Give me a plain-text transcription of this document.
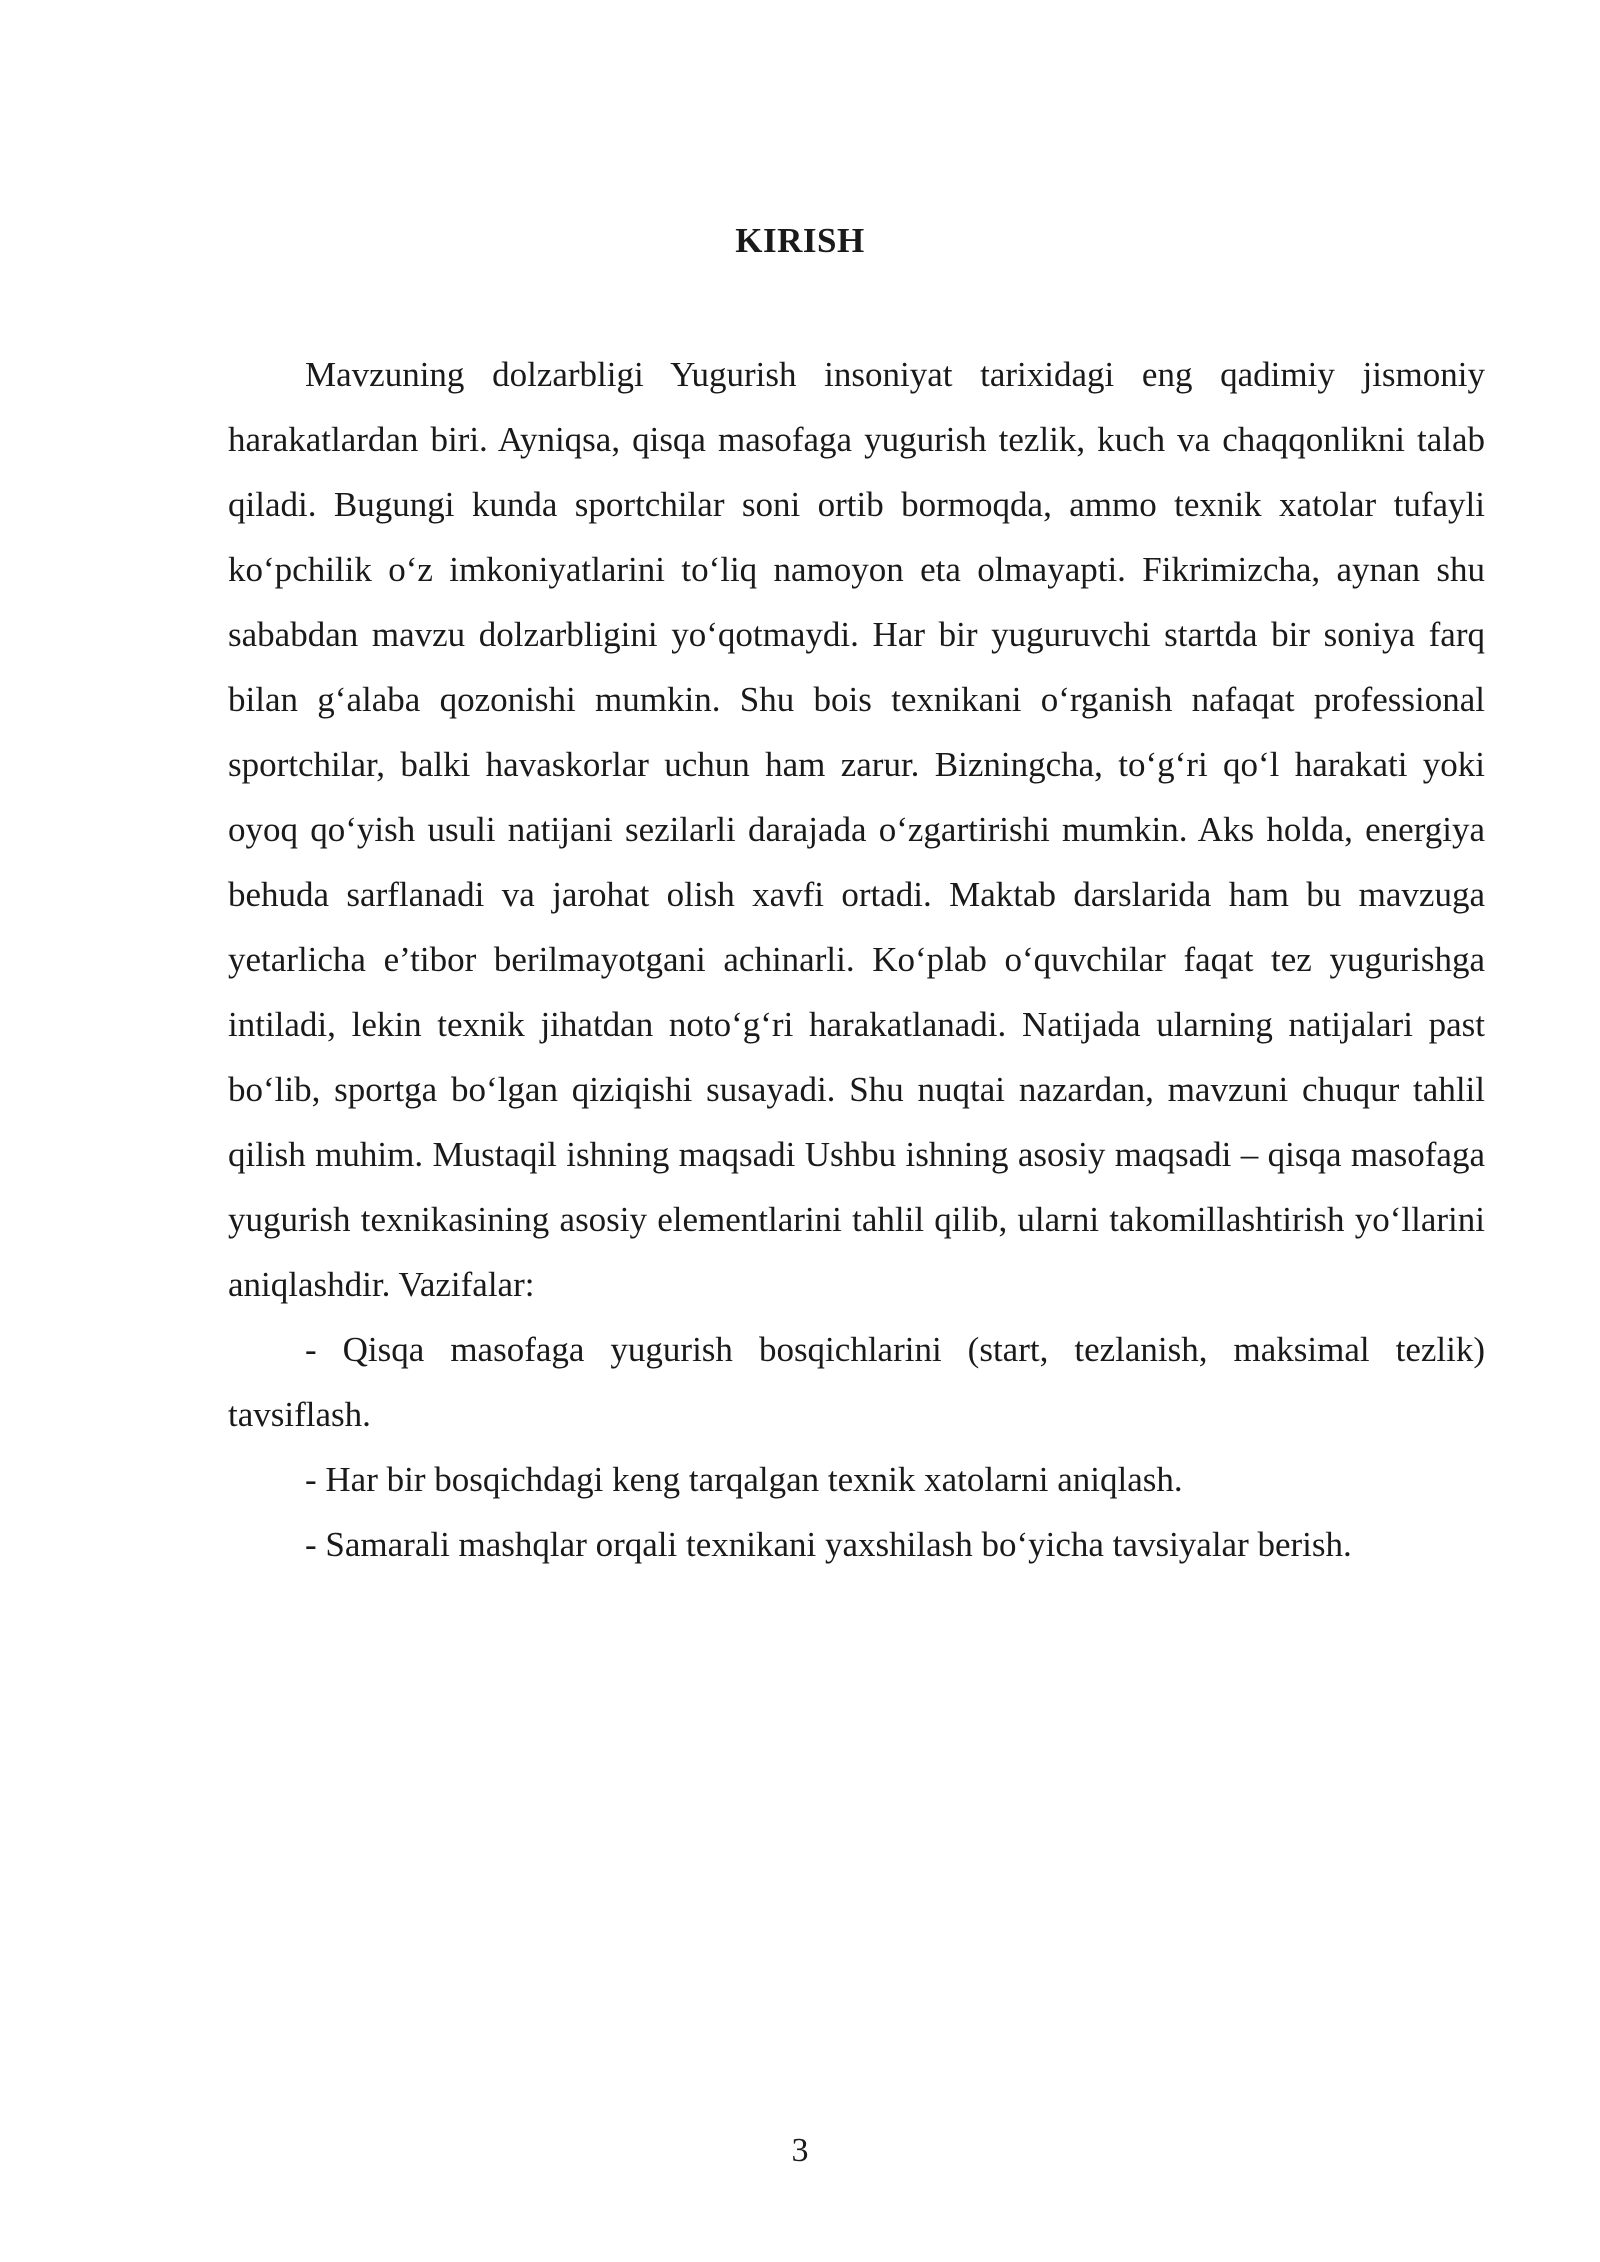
KIRISH

Mavzuning dolzarbligi Yugurish insoniyat tarixidagi eng qadimiy jismoniy harakatlardan biri. Ayniqsa, qisqa masofaga yugurish tezlik, kuch va chaqqonlikni talab qiladi. Bugungi kunda sportchilar soni ortib bormoqda, ammo texnik xatolar tufayli ko‘pchilik o‘z imkoniyatlarini to‘liq namoyon eta olmayapti. Fikrimizcha, aynan shu sababdan mavzu dolzarbligini yo‘qotmaydi. Har bir yuguruvchi startda bir soniya farq bilan g‘alaba qozonishi mumkin. Shu bois texnikani o‘rganish nafaqat professional sportchilar, balki havaskorlar uchun ham zarur. Bizningcha, to‘g‘ri qo‘l harakati yoki oyoq qo‘yish usuli natijani sezilarli darajada o‘zgartirishi mumkin. Aks holda, energiya behuda sarflanadi va jarohat olish xavfi ortadi. Maktab darslarida ham bu mavzuga yetarlicha e’tibor berilmayotgani achinarli. Ko‘plab o‘quvchilar faqat tez yugurishga intiladi, lekin texnik jihatdan noto‘g‘ri harakatlanadi. Natijada ularning natijalari past bo‘lib, sportga bo‘lgan qiziqishi susayadi. Shu nuqtai nazardan, mavzuni chuqur tahlil qilish muhim. Mustaqil ishning maqsadi Ushbu ishning asosiy maqsadi – qisqa masofaga yugurish texnikasining asosiy elementlarini tahlil qilib, ularni takomillashtirish yo‘llarini aniqlashdir. Vazifalar:

- Qisqa masofaga yugurish bosqichlarini (start, tezlanish, maksimal tezlik) tavsiflash.

- Har bir bosqichdagi keng tarqalgan texnik xatolarni aniqlash.

- Samarali mashqlar orqali texnikani yaxshilash bo‘yicha tavsiyalar berish.

3
